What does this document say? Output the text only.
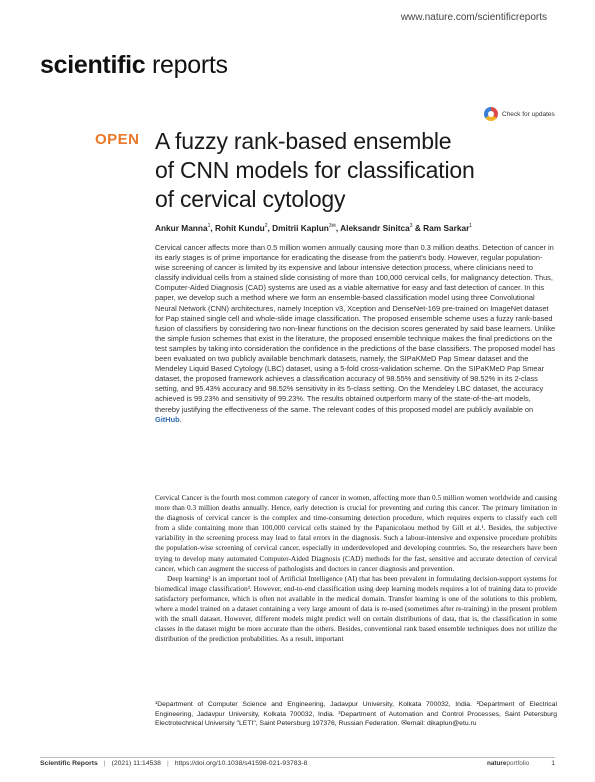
www.nature.com/scientificreports
scientific reports
Check for updates
OPEN A fuzzy rank-based ensemble
of CNN models for classification
of cervical cytology
Ankur Manna$^1$, Rohit Kundu$^2$, Dmitrii Kaplun$^{3✉}$, Aleksandr Sinitca$^3$ & Ram Sarkar$^1$
Cervical cancer affects more than 0.5 million women annually causing more than 0.3 million deaths. Detection of cancer in its early stages is of prime importance for eradicating the disease from the patient's body. However, regular population-wise screening of cancer is limited by its expensive and labour intensive detection process, where clinicians need to classify individual cells from a stained slide consisting of more than 100,000 cervical cells, for malignancy detection. Thus, Computer-Aided Diagnosis (CAD) systems are used as a viable alternative for easy and fast detection of cancer. In this paper, we develop such a method where we form an ensemble-based classification model using three Convolutional Neural Network (CNN) architectures, namely Inception v3, Xception and DenseNet-169 pre-trained on ImageNet dataset for Pap stained single cell and whole-slide image classification. The proposed ensemble scheme uses a fuzzy rank-based fusion of classifiers by considering two non-linear functions on the decision scores generated by said base learners. Unlike the simple fusion schemes that exist in the literature, the proposed ensemble technique makes the final predictions on the test samples by taking into consideration the confidence in the predictions of the base classifiers. The proposed model has been evaluated on two publicly available benchmark datasets, namely, the SIPaKMeD Pap Smear dataset and the Mendeley Liquid Based Cytology (LBC) dataset, using a 5-fold cross-validation scheme. On the SIPaKMeD Pap Smear dataset, the proposed framework achieves a classification accuracy of 98.55% and sensitivity of 98.52% in its 2-class setting, and 95.43% accuracy and 98.52% sensitivity in its 5-class setting. On the Mendeley LBC dataset, the accuracy achieved is 99.23% and sensitivity of 99.23%. The results obtained outperform many of the state-of-the-art models, thereby justifying the effectiveness of the same. The relevant codes of this proposed model are publicly available on GitHub.

Cervical Cancer is the fourth most common category of cancer in women, affecting more than 0.5 million women worldwide and causing more than 0.3 million deaths annually. Hence, early detection is crucial for preventing and curing this cancer. The primary limitation in the diagnosis of cervical cancer is the complex and time-consuming detection procedure, which requires experts to classify each cell from a slide containing more than 100,000 cervical cells stained by the Papanicolaou method by Gill et al.¹. Besides, the subjective variability in the screening process may lead to fatal errors in the diagnosis. Such a labour-intensive and expensive procedure prohibits the population-wise screening of cervical cancer, especially in underdeveloped and developing countries. So, the researchers have been trying to develop many automated Computer-Aided Diagnosis (CAD) methods for the fast, sensitive and accurate detection of cervical cancer, which can augment the success of pathologists and doctors in cancer diagnosis and prevention.

Deep learning² is an important tool of Artificial Intelligence (AI) that has been prevalent in formulating decision-support systems for biomedical image classification³. However, end-to-end classification using deep learning models requires a lot of training data to provide satisfactory performance, which is often not available in the medical domain. Transfer learning is one of the solutions to this problem, where a model trained on a dataset containing a very large amount of data is re-used (sometimes after re-training) in the present problem with the small dataset. However, different models might predict well on certain distributions of data, that is, the classification in some classes in the dataset might be more accurate than the others. Besides, conventional rank based ensemble techniques does not utilize the distribution of the prediction probabilities. As a result, important

¹Department of Computer Science and Engineering, Jadavpur University, Kolkata 700032, India. ²Department of Electrical Engineering, Jadavpur University, Kolkata 700032, India. ³Department of Automation and Control Processes, Saint Petersburg Electrotechnical University "LETI", Saint Petersburg 197376, Russian Federation. ✉email: dikaplun@etu.ru
Scientific Reports | (2021) 11:14538 | https://doi.org/10.1038/s41598-021-93783-8	natureportfolio	1
